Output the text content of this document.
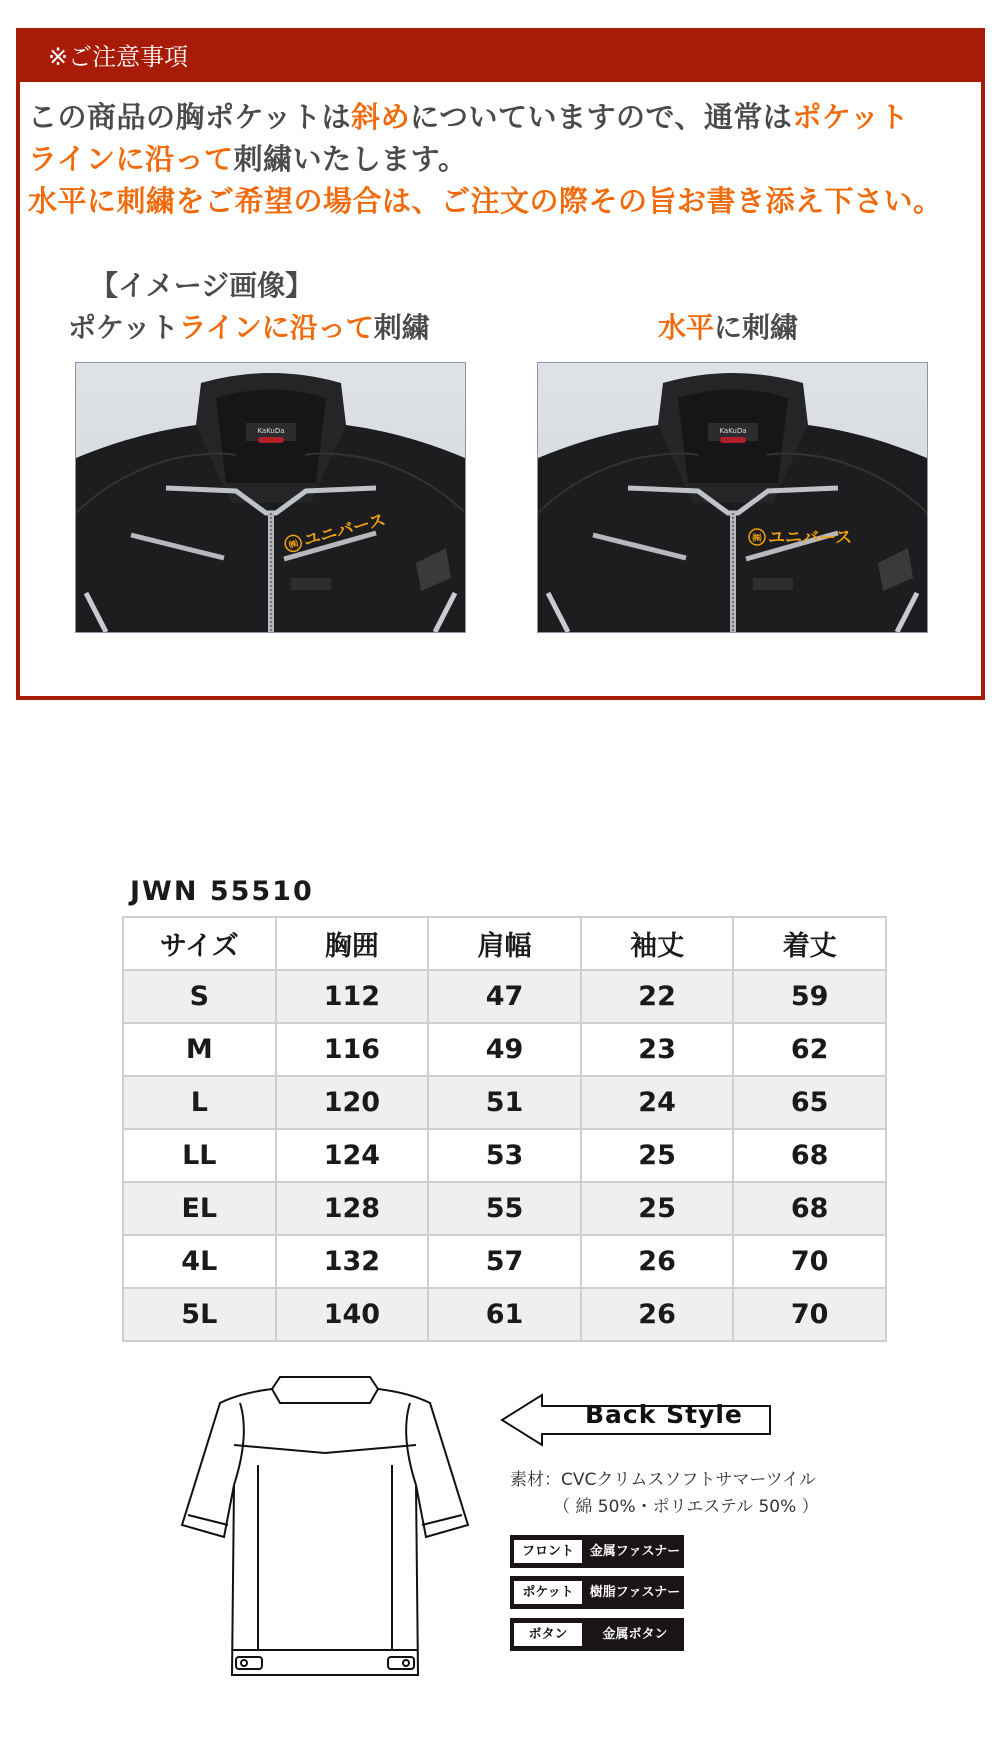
※ご注意事項
この商品の胸ポケットは斜めについていますので、通常はポケット
ラインに沿って刺繍いたします。
水平に刺繍をご希望の場合は、ご注文の際その旨お書き添え下さい。
【イメージ画像】
ポケットラインに沿って刺繍	水平に刺繍
KaKuDa
㈱ ユニバース
KaKuDa
㈱ ユニバース
JWN 55510
サイズ	胸囲	肩幅	袖丈	着丈
S	112	47	22	59
M	116	49	23	62
L	120	51	24	65
LL	124	53	25	68
EL	128	55	25	68
4L	132	57	26	70
5L	140	61	26	70
Back Style
素材：CVCクリムスソフトサマーツイル
（ 綿 50%・ポリエステル 50% ）
フロント	金属ファスナー
ポケット	樹脂ファスナー
ボタン	金属ボタン
